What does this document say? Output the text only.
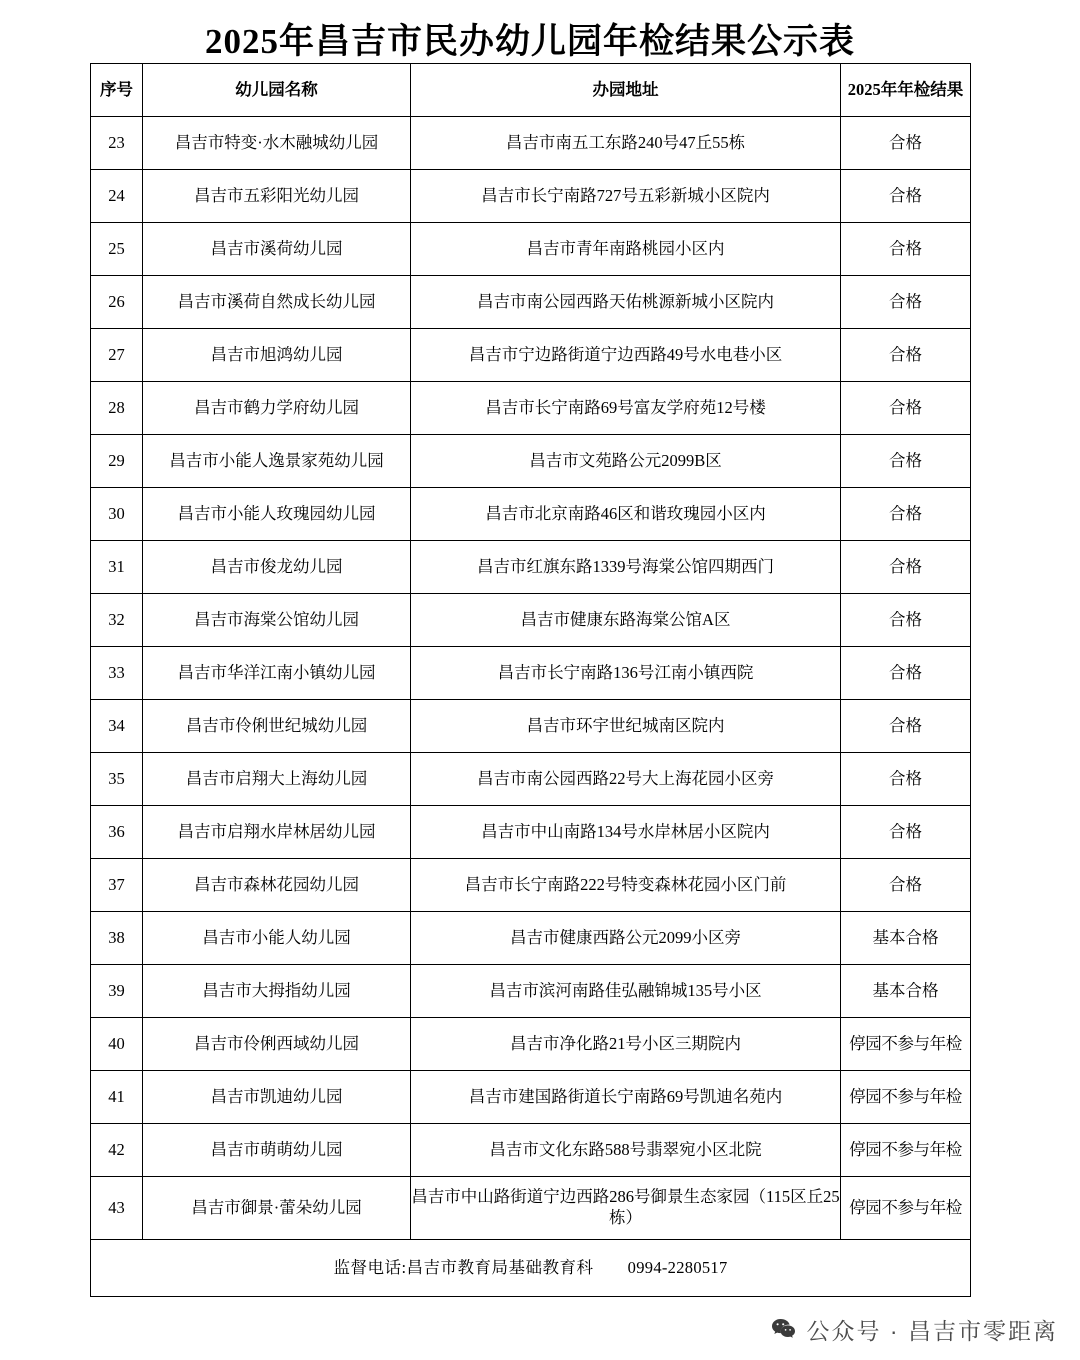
2025年昌吉市民办幼儿园年检结果公示表
序号	幼儿园名称	办园地址	2025年年检结果
23	昌吉市特变·水木融城幼儿园	昌吉市南五工东路240号47丘55栋	合格
24	昌吉市五彩阳光幼儿园	昌吉市长宁南路727号五彩新城小区院内	合格
25	昌吉市溪荷幼儿园	昌吉市青年南路桃园小区内	合格
26	昌吉市溪荷自然成长幼儿园	昌吉市南公园西路天佑桃源新城小区院内	合格
27	昌吉市旭鸿幼儿园	昌吉市宁边路街道宁边西路49号水电巷小区	合格
28	昌吉市鹤力学府幼儿园	昌吉市长宁南路69号富友学府苑12号楼	合格
29	昌吉市小能人逸景家苑幼儿园	昌吉市文苑路公元2099B区	合格
30	昌吉市小能人玫瑰园幼儿园	昌吉市北京南路46区和谐玫瑰园小区内	合格
31	昌吉市俊龙幼儿园	昌吉市红旗东路1339号海棠公馆四期西门	合格
32	昌吉市海棠公馆幼儿园	昌吉市健康东路海棠公馆A区	合格
33	昌吉市华洋江南小镇幼儿园	昌吉市长宁南路136号江南小镇西院	合格
34	昌吉市伶俐世纪城幼儿园	昌吉市环宇世纪城南区院内	合格
35	昌吉市启翔大上海幼儿园	昌吉市南公园西路22号大上海花园小区旁	合格
36	昌吉市启翔水岸林居幼儿园	昌吉市中山南路134号水岸林居小区院内	合格
37	昌吉市森林花园幼儿园	昌吉市长宁南路222号特变森林花园小区门前	合格
38	昌吉市小能人幼儿园	昌吉市健康西路公元2099小区旁	基本合格
39	昌吉市大拇指幼儿园	昌吉市滨河南路佳弘融锦城135号小区	基本合格
40	昌吉市伶俐西域幼儿园	昌吉市净化路21号小区三期院内	停园不参与年检
41	昌吉市凯迪幼儿园	昌吉市建国路街道长宁南路69号凯迪名苑内	停园不参与年检
42	昌吉市萌萌幼儿园	昌吉市文化东路588号翡翠宛小区北院	停园不参与年检
43	昌吉市御景·蕾朵幼儿园	昌吉市中山路街道宁边西路286号御景生态家园（115区丘25栋）	停园不参与年检
监督电话:昌吉市教育局基础教育科 0994-2280517			
公众号 · 昌吉市零距离
